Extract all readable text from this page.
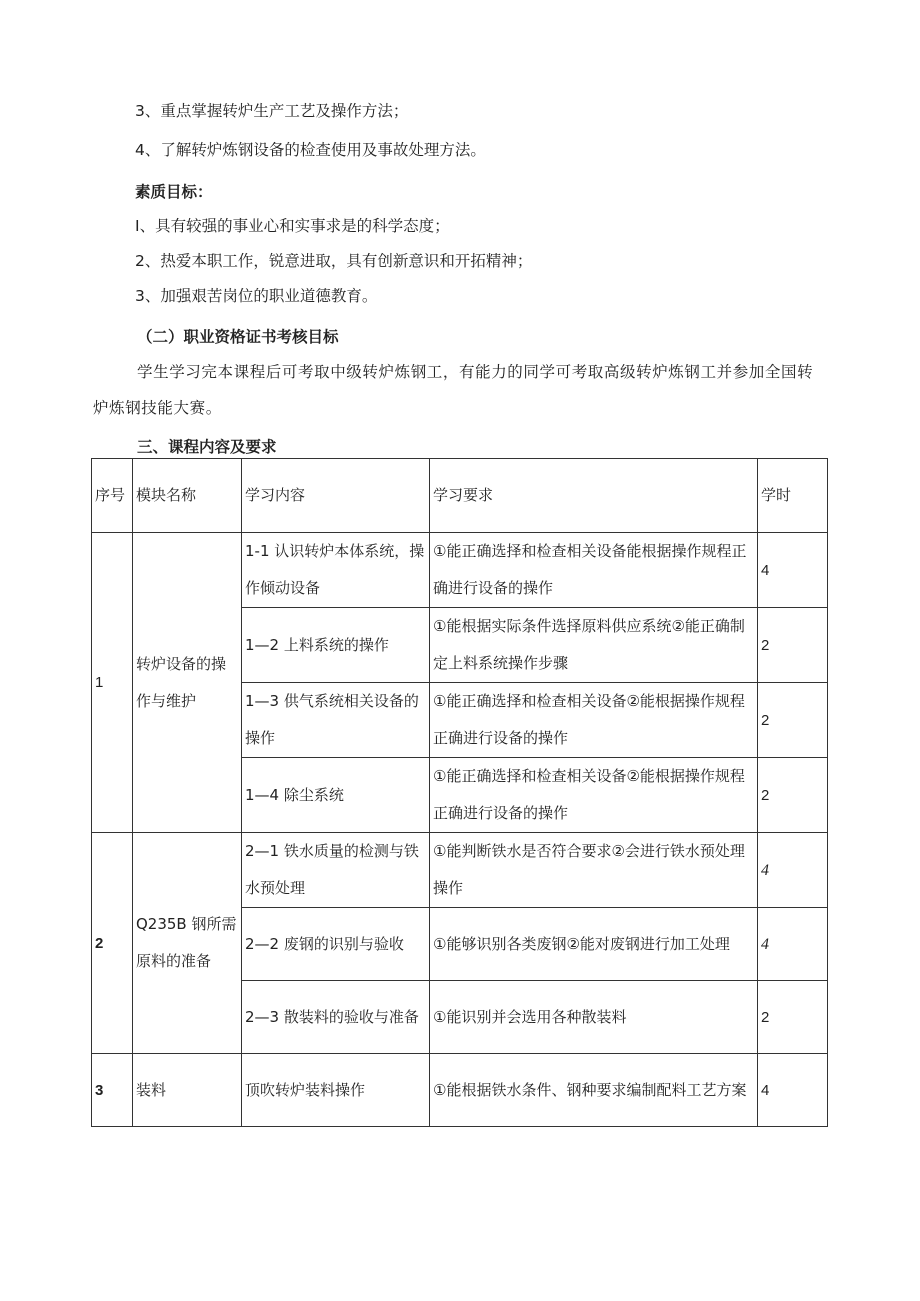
3、重点掌握转炉生产工艺及操作方法；
4、了解转炉炼钢设备的检查使用及事故处理方法。
素质目标：
I、具有较强的事业心和实事求是的科学态度；
2、热爱本职工作，锐意进取，具有创新意识和开拓精神；
3、加强艰苦岗位的职业道德教育。
（二）职业资格证书考核目标
学生学习完本课程后可考取中级转炉炼钢工，有能力的同学可考取高级转炉炼钢工并参加全国转炉炼钢技能大赛。
三、课程内容及要求
序号	模块名称	学习内容	学习要求	学时
1	转炉设备的操作与维护	1-1 认识转炉本体系统，操作倾动设备	①能正确选择和检查相关设备能根据操作规程正确进行设备的操作	4
		1—2 上料系统的操作	①能根据实际条件选择原料供应系统②能正确制定上料系统操作步骤	2
		1—3 供气系统相关设备的操作	①能正确选择和检查相关设备②能根据操作规程正确进行设备的操作	2
		1—4 除尘系统	①能正确选择和检查相关设备②能根据操作规程正确进行设备的操作	2
2	Q235B 钢所需原料的准备	2—1 铁水质量的检测与铁水预处理	①能判断铁水是否符合要求②会进行铁水预处理操作	4
		2—2 废钢的识别与验收	①能够识别各类废钢②能对废钢进行加工处理	4
		2—3 散装料的验收与准备	①能识别并会选用各种散装料	2
3	装料	顶吹转炉装料操作	①能根据铁水条件、钢种要求编制配料工艺方案	4
